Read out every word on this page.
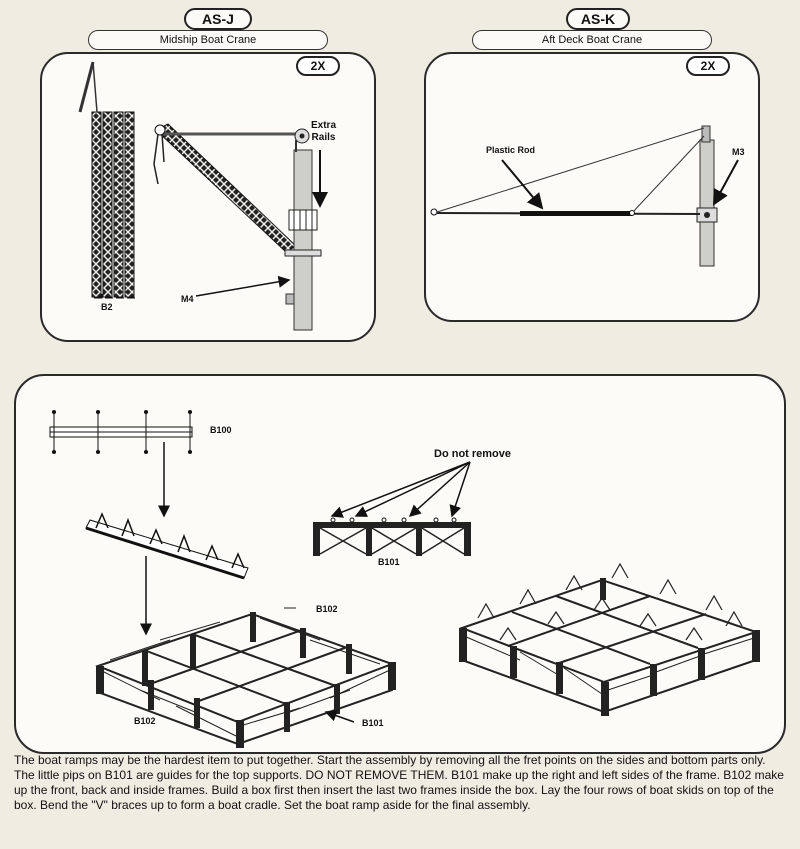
AS-J
Midship Boat Crane
AS-K
Aft Deck Boat Crane
2X	2X
B2
M4
Extra
Rails
Plastic Rod	M3
B100
Do not remove
B101
B102
B102	B101
The boat ramps may be the hardest item to put together. Start the assembly by removing all the fret points on the sides and bottom parts only. The little pips on B101 are guides for the top supports. DO NOT REMOVE THEM. B101 make up the right and left sides of the frame. B102 make up the front, back and inside frames. Build a box first then insert the last two frames inside the box. Lay the four rows of boat skids on top of the box. Bend the "V" braces up to form a boat cradle. Set the boat ramp aside for the final assembly.
